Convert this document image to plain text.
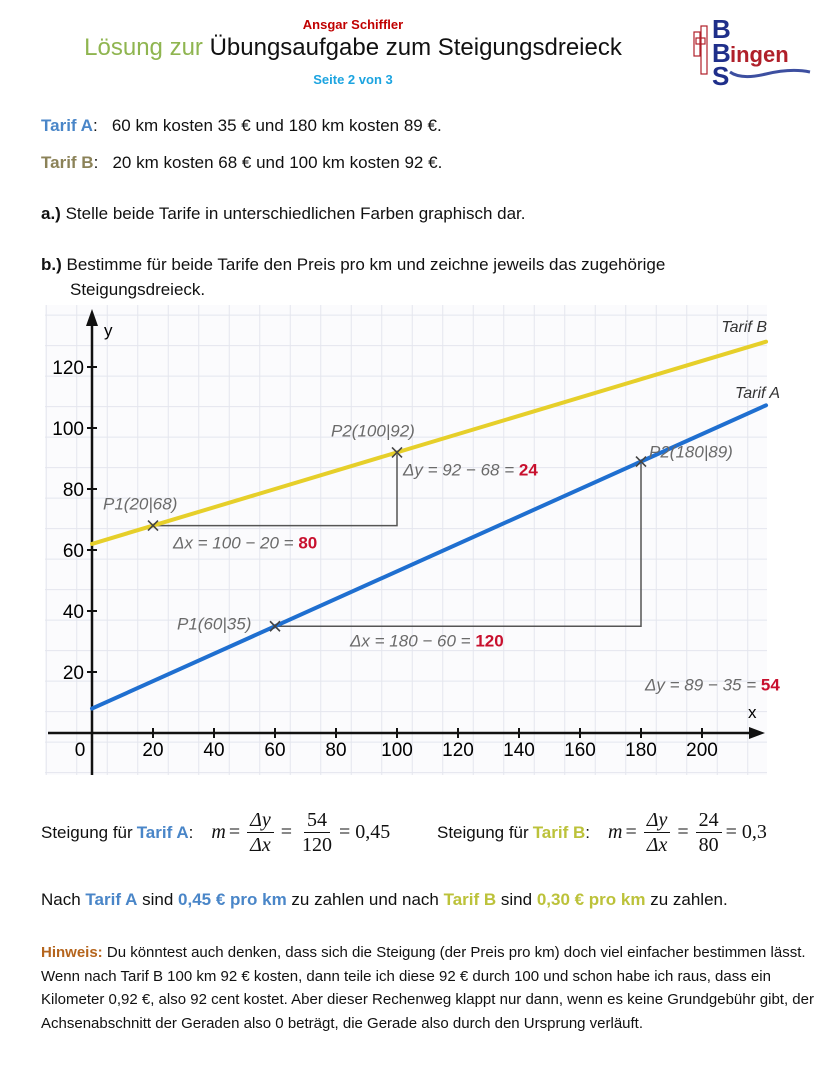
Ansgar Schiffler
Lösung zur Übungsaufgabe zum Steigungsdreieck
Seite 2 von 3
B
B ingen
S
Tarif A:   60 km kosten 35 € und 180 km kosten 89 €.
Tarif B:   20 km kosten 68 € und 100 km kosten 92 €.
a.) Stelle beide Tarife in unterschiedlichen Farben graphisch dar.
b.) Bestimme für beide Tarife den Preis pro km und zeichne jeweils das zugehörige
Steigungsdreieck.
x
y
0	20 40 60 80 100 120 140 160 180 200
20
40
60
80
100
120
P1(60|35)
P2(180|89)
P1(20|68)
P2(100|92)
Δx = 180 − 60 = 120
Δy = 89 − 35 = 54
Δx = 100 − 20 = 80
Δy = 92 − 68 = 24
Tarif B
Tarif A
Steigung für Tarif A : $m = \frac{\Delta y}{\Delta x} = \frac{54}{120} = 0,45$	Steigung für Tarif B : $m = \frac{\Delta y}{\Delta x} = \frac{24}{80} = 0,3$
Nach Tarif A sind 0,45 € pro km zu zahlen und nach Tarif B sind 0,30 € pro km zu zahlen.
Hinweis: Du könntest auch denken, dass sich die Steigung (der Preis pro km) doch viel einfacher bestimmen lässt. Wenn nach Tarif B 100 km 92 € kosten, dann teile ich diese 92 € durch 100 und schon habe ich raus, dass ein Kilometer 0,92 €, also 92 cent kostet. Aber dieser Rechenweg klappt nur dann, wenn es keine Grundgebühr gibt, der Achsenabschnitt der Geraden also 0 beträgt, die Gerade also durch den Ursprung verläuft.
